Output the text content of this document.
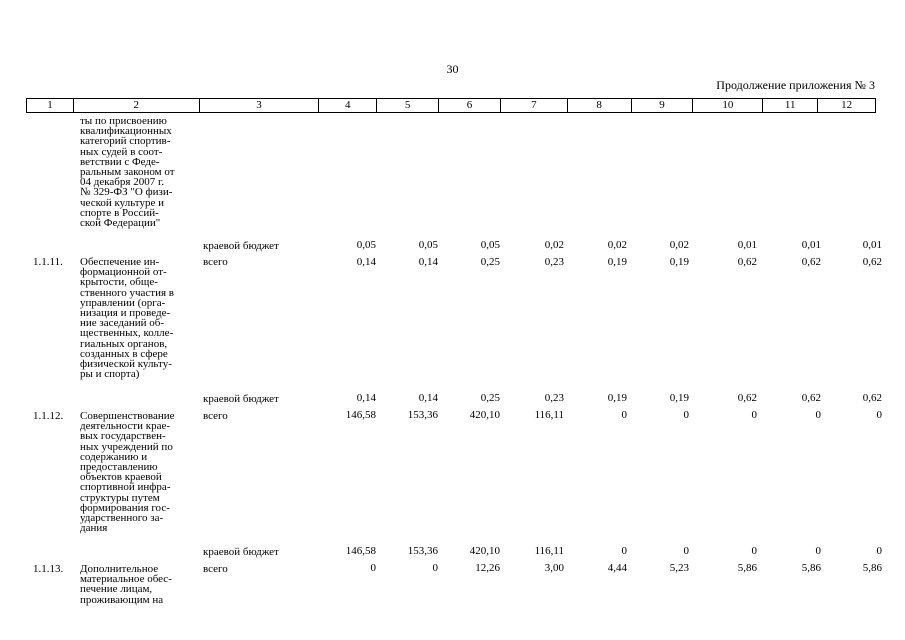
30
Продолжение приложения № 3
1	2	3	4	5	6	7	8	9	10	11	12
ты по присвоению
квалификационных
категорий спортив-
ных судей в соот-
ветствии с Феде-
ральным законом от
04 декабря 2007 г.
№ 329-ФЗ "О физи-
ческой культуре и
спорте в Россий-
ской Федерации"
краевой бюджет	0,05	0,05	0,05	0,02	0,02	0,02	0,01	0,01	0,01
1.1.11. Обеспечение ин-
формационной от-
крытости, обще-
ственного участия в
управлении (орга-
низация и проведе-
ние заседаний об-
щественных, колле-
гиальных органов,
созданных в сфере
физической культу-
ры и спорта)
всего	0,14	0,14	0,25	0,23	0,19	0,19	0,62	0,62	0,62
краевой бюджет	0,14	0,14	0,25	0,23	0,19	0,19	0,62	0,62	0,62
1.1.12. Совершенствование
деятельности крае-
вых государствен-
ных учреждений по
содержанию и
предоставлению
объектов краевой
спортивной инфра-
структуры путем
формирования гос-
ударственного за-
дания
всего	146,58	153,36	420,10	116,11	0	0	0	0	0
краевой бюджет	146,58	153,36	420,10	116,11	0	0	0	0	0
1.1.13. Дополнительное
материальное обес-
печение лицам,
проживающим на
всего	0	0	12,26	3,00	4,44	5,23	5,86	5,86	5,86
